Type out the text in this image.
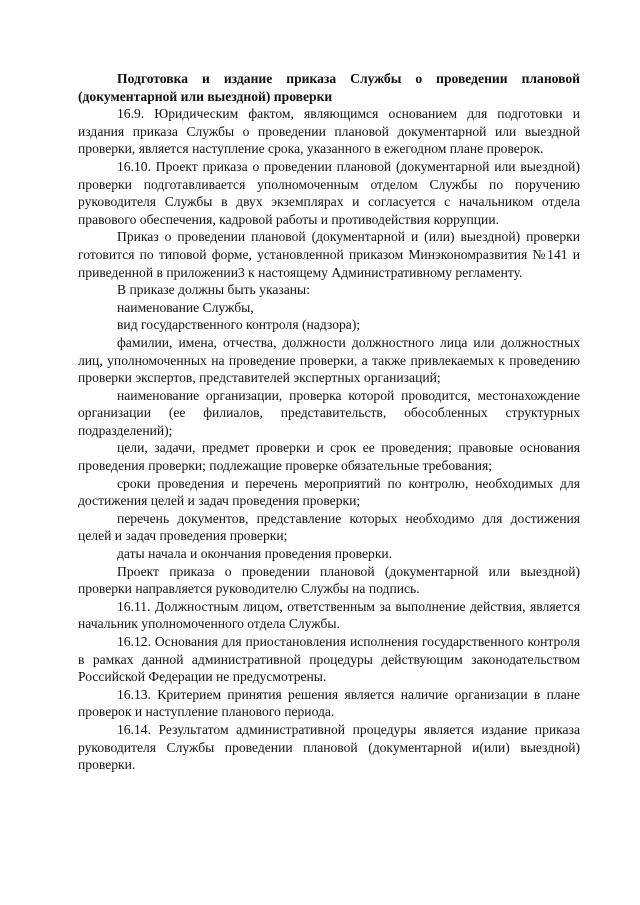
Подготовка и издание приказа Службы о проведении плановой (документарной или выездной) проверки

16.9. Юридическим фактом, являющимся основанием для подготовки и издания приказа Службы о проведении плановой документарной или выездной проверки, является наступление срока, указанного в ежегодном плане проверок.

16.10. Проект приказа о проведении плановой (документарной или выездной) проверки подготавливается уполномоченным отделом Службы по поручению руководителя Службы в двух экземплярах и согласуется с начальником отдела правового обеспечения, кадровой работы и противодействия коррупции.

Приказ о проведении плановой (документарной и (или) выездной) проверки готовится по типовой форме, установленной приказом Минэкономразвития №141 и приведенной в приложении3 к настоящему Административному регламенту.

В приказе должны быть указаны:

наименование Службы,

вид государственного контроля (надзора);

фамилии, имена, отчества, должности должностного лица или должностных лиц, уполномоченных на проведение проверки, а также привлекаемых к проведению проверки экспертов, представителей экспертных организаций;

наименование организации, проверка которой проводится, местонахождение организации (ее филиалов, представительств, обособленных структурных подразделений);

цели, задачи, предмет проверки и срок ее проведения; правовые основания проведения проверки; подлежащие проверке обязательные требования;

сроки проведения и перечень мероприятий по контролю, необходимых для достижения целей и задач проведения проверки;

перечень документов, представление которых необходимо для достижения целей и задач проведения проверки;

даты начала и окончания проведения проверки.

Проект приказа о проведении плановой (документарной или выездной) проверки направляется руководителю Службы на подпись.

16.11. Должностным лицом, ответственным за выполнение действия, является начальник уполномоченного отдела Службы.

16.12. Основания для приостановления исполнения государственного контроля в рамках данной административной процедуры действующим законодательством Российской Федерации не предусмотрены.

16.13. Критерием принятия решения является наличие организации в плане проверок и наступление планового периода.

16.14. Результатом административной процедуры является издание приказа руководителя Службы проведении плановой (документарной и(или) выездной) проверки.
